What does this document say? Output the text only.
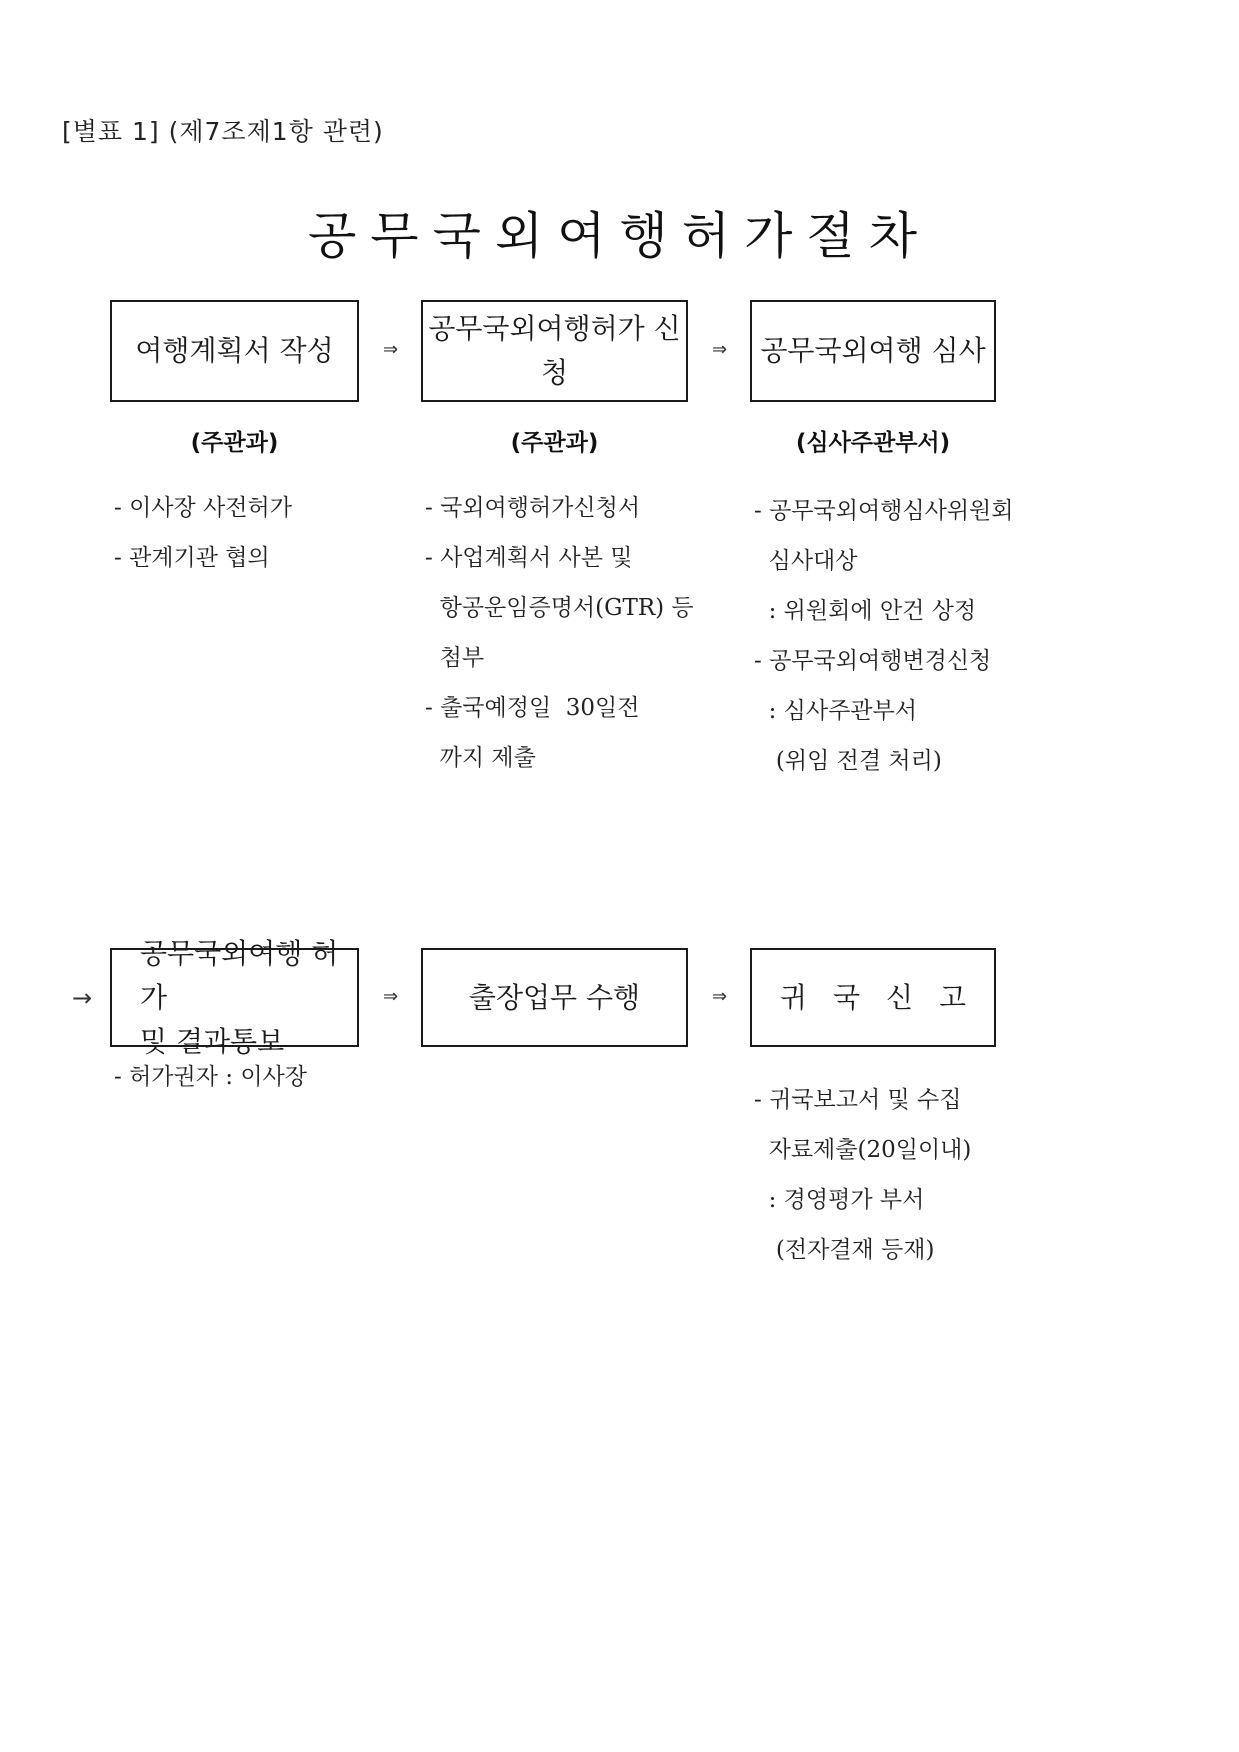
[별표 1] (제7조제1항 관련)
공무국외여행허가절차
여행계획서 작성	⇒
공무국외여행허가 신청
⇒ 공무국외여행 심사
(주관과)	(주관과)	(심사주관부서)
- 이사장 사전허가
- 관계기관 협의
- 국외여행허가신청서
- 사업계획서 사본 및
항공운임증명서(GTR) 등
첨부
- 출국예정일  30일전
까지 제출
- 공무국외여행심사위원회
심사대상
: 위원회에 안건 상정
- 공무국외여행변경신청
: 심사주관부서
(위임 전결 처리)
→
공무국외여행 허가
및 결과통보
⇒	출장업무 수행	⇒	귀국신고
- 허가권자 : 이사장
- 귀국보고서 및 수집
자료제출(20일이내)
: 경영평가 부서
(전자결재 등재)
